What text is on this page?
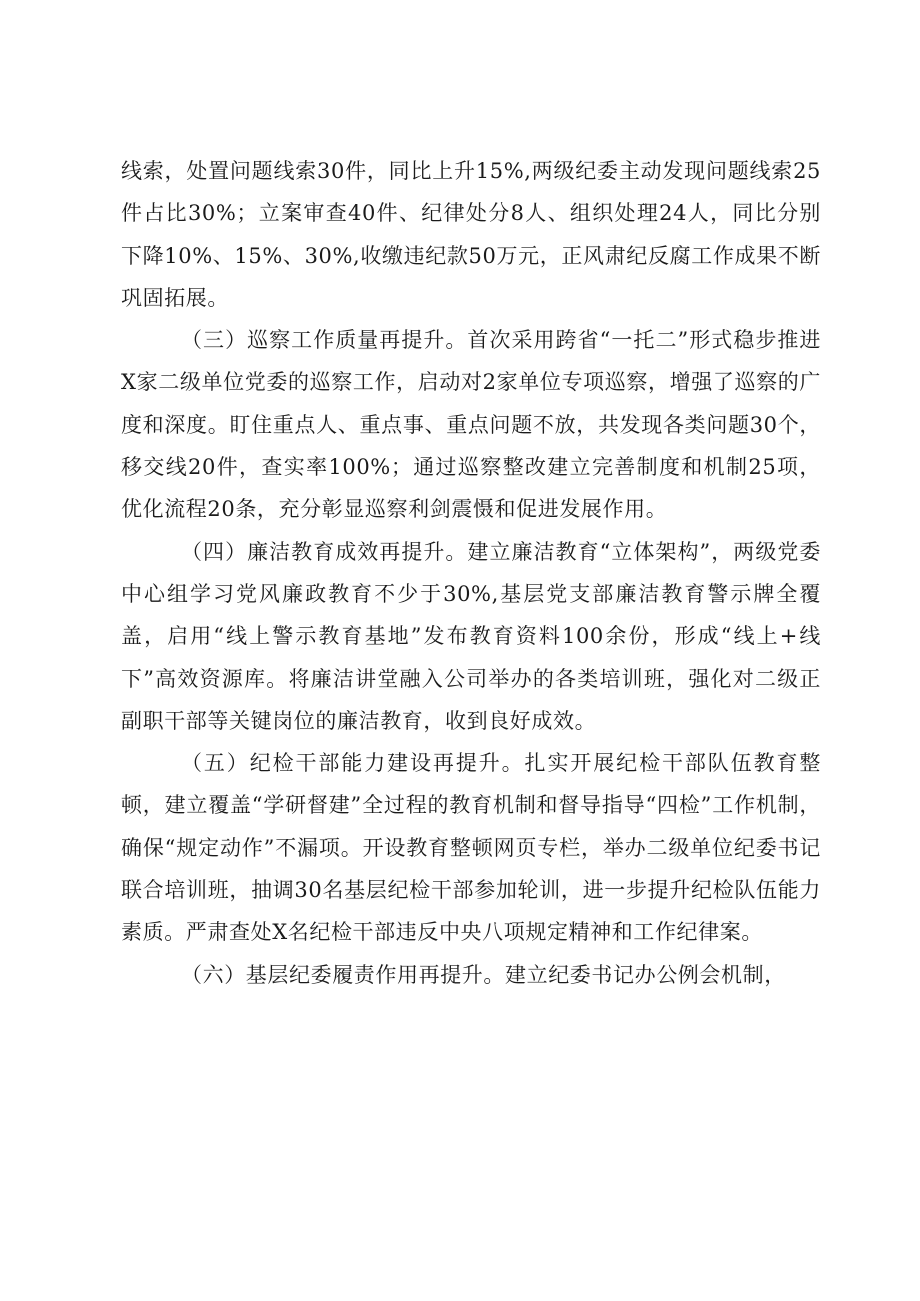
线索，处置问题线索30件，同比上升15%,两级纪委主动发现问题线索25件占比30%；立案审查40件、纪律处分8人、组织处理24人，同比分别下降10%、15%、30%,收缴违纪款50万元，正风肃纪反腐工作成果不断巩固拓展。

（三）巡察工作质量再提升。首次采用跨省“一托二”形式稳步推进X家二级单位党委的巡察工作，启动对2家单位专项巡察，增强了巡察的广度和深度。盯住重点人、重点事、重点问题不放，共发现各类问题30个，移交线20件，查实率100%；通过巡察整改建立完善制度和机制25项，优化流程20条，充分彰显巡察利剑震慑和促进发展作用。

（四）廉洁教育成效再提升。建立廉洁教育“立体架构”，两级党委中心组学习党风廉政教育不少于30%,基层党支部廉洁教育警示牌全覆盖，启用“线上警示教育基地”发布教育资料100余份，形成“线上+线下”高效资源库。将廉洁讲堂融入公司举办的各类培训班，强化对二级正副职干部等关键岗位的廉洁教育，收到良好成效。

（五）纪检干部能力建设再提升。扎实开展纪检干部队伍教育整顿，建立覆盖“学研督建”全过程的教育机制和督导指导“四检”工作机制，确保“规定动作”不漏项。开设教育整顿网页专栏，举办二级单位纪委书记联合培训班，抽调30名基层纪检干部参加轮训，进一步提升纪检队伍能力素质。严肃查处X名纪检干部违反中央八项规定精神和工作纪律案。

（六）基层纪委履责作用再提升。建立纪委书记办公例会机制，
